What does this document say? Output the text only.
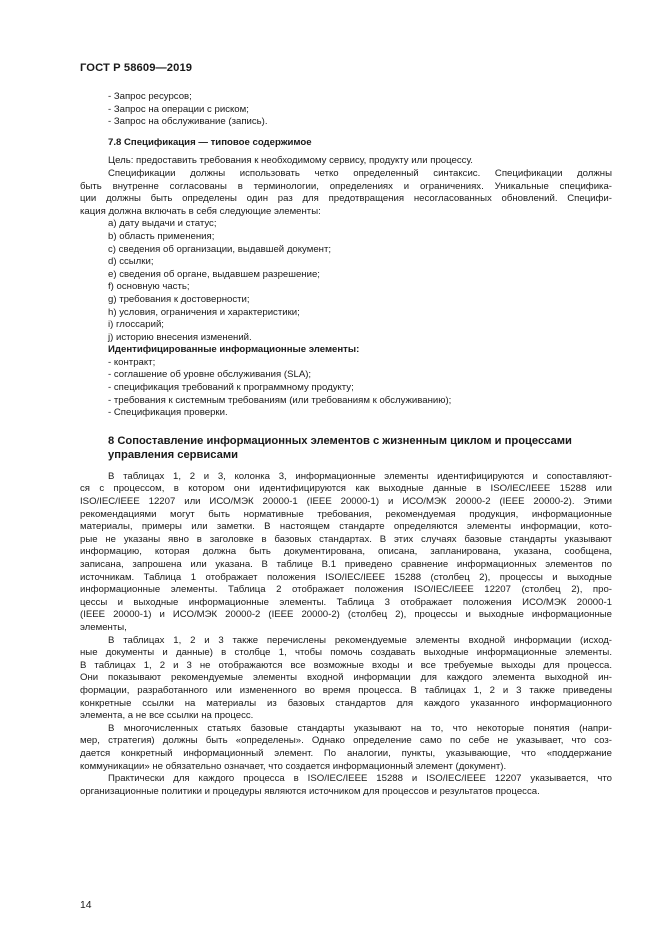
ГОСТ Р 58609—2019
- Запрос ресурсов;
- Запрос на операции с риском;
- Запрос на обслуживание (запись).
7.8 Спецификация — типовое содержимое
Цель: предоставить требования к необходимому сервису, продукту или процессу.
Спецификации должны использовать четко определенный синтаксис. Спецификации должны
быть внутренне согласованы в терминологии, определениях и ограничениях. Уникальные специфика-
ции должны быть определены один раз для предотвращения несогласованных обновлений. Специфи-
кация должна включать в себя следующие элементы:
a) дату выдачи и статус;
b) область применения;
c) сведения об организации, выдавшей документ;
d) ссылки;
e) сведения об органе, выдавшем разрешение;
f) основную часть;
g) требования к достоверности;
h) условия, ограничения и характеристики;
i) глоссарий;
j) историю внесения изменений.
Идентифицированные информационные элементы:
- контракт;
- соглашение об уровне обслуживания (SLA);
- спецификация требований к программному продукту;
- требования к системным требованиям (или требованиям к обслуживанию);
- Спецификация проверки.
8 Сопоставление информационных элементов с жизненным циклом и процессами
управления сервисами
В таблицах 1, 2 и 3, колонка 3, информационные элементы идентифицируются и сопоставляют-
ся с процессом, в котором они идентифицируются как выходные данные в ISO/IEC/IEEE 15288 или
ISO/IEC/IEEE 12207 или ИСО/МЭК 20000-1 (IEEE 20000-1) и ИСО/МЭК 20000-2 (IEEE 20000-2). Этими
рекомендациями могут быть нормативные требования, рекомендуемая продукция, информационные
материалы, примеры или заметки. В настоящем стандарте определяются элементы информации, кото-
рые не указаны явно в заголовке в базовых стандартах. В этих случаях базовые стандарты указывают
информацию, которая должна быть документирована, описана, запланирована, указана, сообщена,
записана, запрошена или указана. В таблице В.1 приведено сравнение информационных элементов по
источникам. Таблица 1 отображает положения ISO/IEC/IEEE 15288 (столбец 2), процессы и выходные
информационные элементы. Таблица 2 отображает положения ISO/IEC/IEEE 12207 (столбец 2), про-
цессы и выходные информационные элементы. Таблица 3 отображает положения ИСО/МЭК 20000-1
(IEEE 20000-1) и ИСО/МЭК 20000-2 (IEEE 20000-2) (столбец 2), процессы и выходные информационные
элементы,
В таблицах 1, 2 и 3 также перечислены рекомендуемые элементы входной информации (исход-
ные документы и данные) в столбце 1, чтобы помочь создавать выходные информационные элементы.
В таблицах 1, 2 и 3 не отображаются все возможные входы и все требуемые выходы для процесса.
Они показывают рекомендуемые элементы входной информации для каждого элемента выходной ин-
формации, разработанного или измененного во время процесса. В таблицах 1, 2 и 3 также приведены
конкретные ссылки на материалы из базовых стандартов для каждого указанного информационного
элемента, а не все ссылки на процесс.
В многочисленных статьях базовые стандарты указывают на то, что некоторые понятия (напри-
мер, стратегия) должны быть «определены». Однако определение само по себе не указывает, что соз-
дается конкретный информационный элемент. По аналогии, пункты, указывающие, что «поддержание
коммуникации» не обязательно означает, что создается информационный элемент (документ).
Практически для каждого процесса в ISO/IEC/IEEE 15288 и ISO/IEC/IEEE 12207 указывается, что
организационные политики и процедуры являются источником для процессов и результатов процесса.
14
